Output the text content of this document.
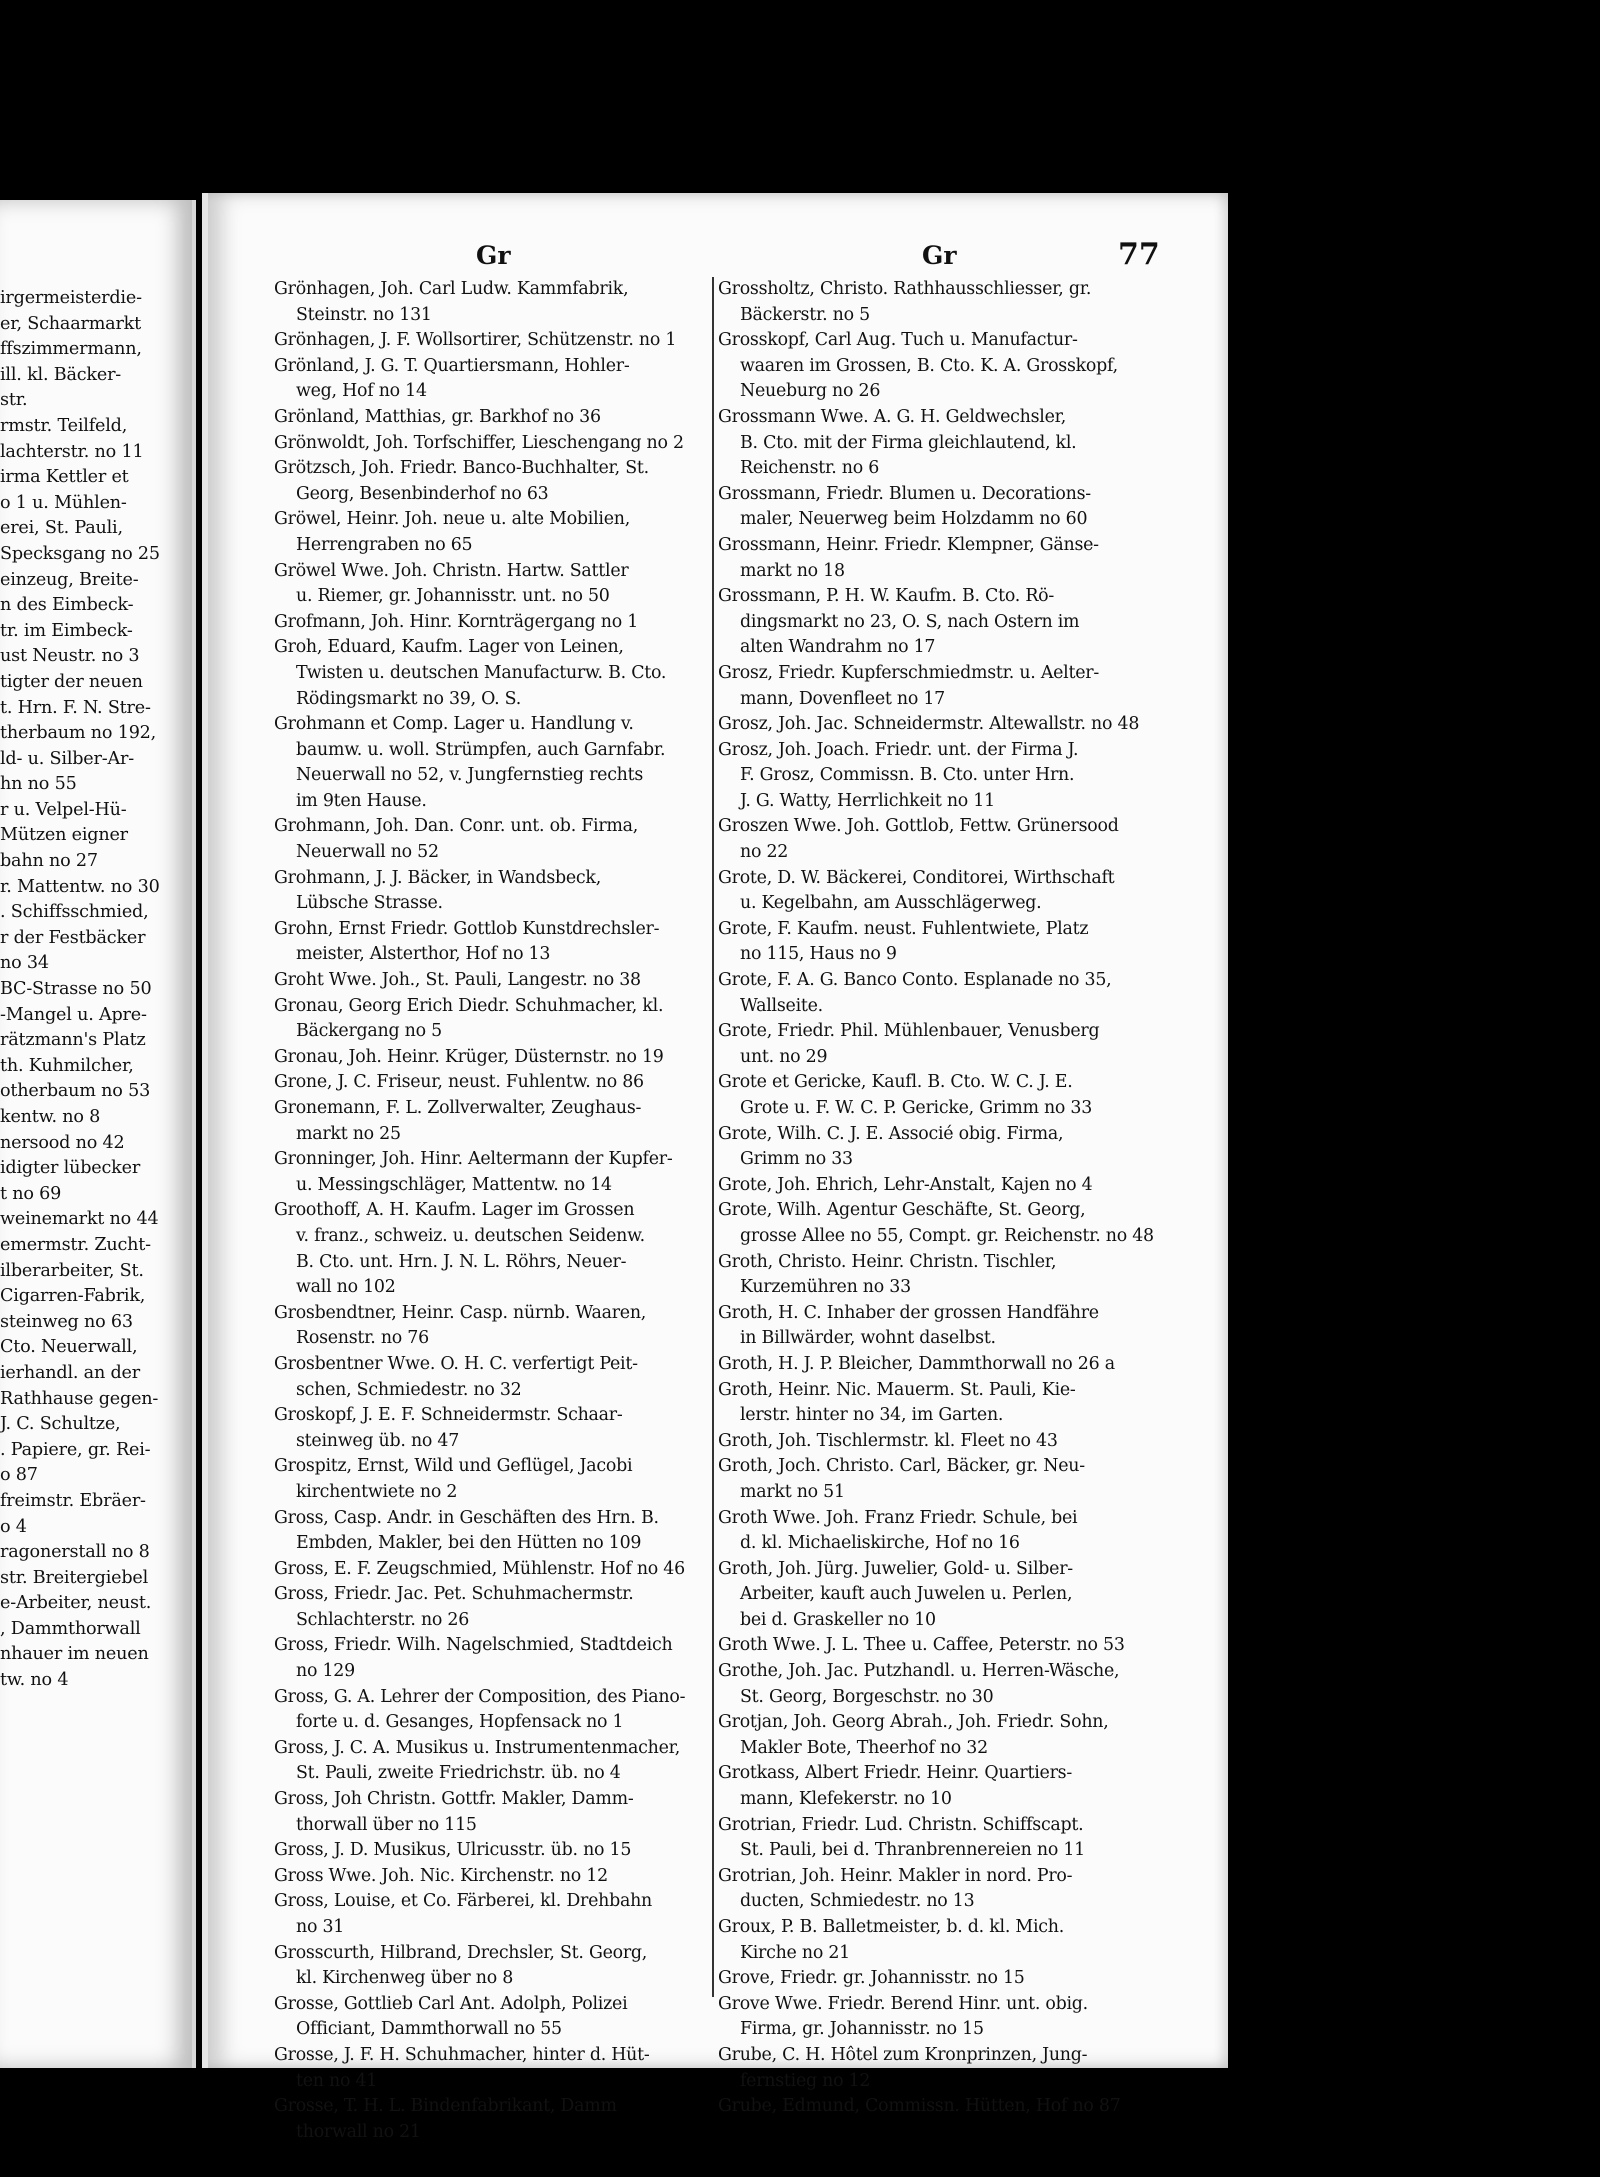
irgermeisterdie-
er, Schaarmarkt
ffszimmermann,
ill. kl. Bäcker-
str.
rmstr. Teilfeld,
lachterstr. no 11
irma Kettler et
o 1 u. Mühlen-
erei, St. Pauli,
Specksgang no 25
einzeug, Breite-
n des Eimbeck-
tr. im Eimbeck-
ust Neustr. no 3
tigter der neuen
t. Hrn. F. N. Stre-
therbaum no 192,
ld- u. Silber-Ar-
hn no 55
r u. Velpel-Hü-
Mützen eigner
bahn no 27
r. Mattentw. no 30
. Schiffsschmied,
r der Festbäcker
no 34
BC-Strasse no 50
-Mangel u. Apre-
rätzmann's Platz
th. Kuhmilcher,
otherbaum no 53
kentw. no 8
nersood no 42
idigter lübecker
t no 69
weinemarkt no 44
emermstr. Zucht-
ilberarbeiter, St.
Cigarren-Fabrik,
steinweg no 63
Cto. Neuerwall,
ierhandl. an der
Rathhause gegen-
J. C. Schultze,
. Papiere, gr. Rei-
o 87
freimstr. Ebräer-
o 4
ragonerstall no 8
str. Breitergiebel
e-Arbeiter, neust.
, Dammthorwall
nhauer im neuen
tw. no 4
Gr	Gr	77
Grönhagen, Joh. Carl Ludw. Kammfabrik,
Steinstr. no 131
Grönhagen, J. F. Wollsortirer, Schützenstr. no 1
Grönland, J. G. T. Quartiersmann, Hohler-
weg, Hof no 14
Grönland, Matthias, gr. Barkhof no 36
Grönwoldt, Joh. Torfschiffer, Lieschengang no 2
Grötzsch, Joh. Friedr. Banco-Buchhalter, St.
Georg, Besenbinderhof no 63
Gröwel, Heinr. Joh. neue u. alte Mobilien,
Herrengraben no 65
Gröwel Wwe. Joh. Christn. Hartw. Sattler
u. Riemer, gr. Johannisstr. unt. no 50
Grofmann, Joh. Hinr. Kornträgergang no 1
Groh, Eduard, Kaufm. Lager von Leinen,
Twisten u. deutschen Manufacturw. B. Cto.
Rödingsmarkt no 39, O. S.
Grohmann et Comp. Lager u. Handlung v.
baumw. u. woll. Strümpfen, auch Garnfabr.
Neuerwall no 52, v. Jungfernstieg rechts
im 9ten Hause.
Grohmann, Joh. Dan. Conr. unt. ob. Firma,
Neuerwall no 52
Grohmann, J. J. Bäcker, in Wandsbeck,
Lübsche Strasse.
Grohn, Ernst Friedr. Gottlob Kunstdrechsler-
meister, Alsterthor, Hof no 13
Groht Wwe. Joh., St. Pauli, Langestr. no 38
Gronau, Georg Erich Diedr. Schuhmacher, kl.
Bäckergang no 5
Gronau, Joh. Heinr. Krüger, Düsternstr. no 19
Grone, J. C. Friseur, neust. Fuhlentw. no 86
Gronemann, F. L. Zollverwalter, Zeughaus-
markt no 25
Gronninger, Joh. Hinr. Aeltermann der Kupfer-
u. Messingschläger, Mattentw. no 14
Groothoff, A. H. Kaufm. Lager im Grossen
v. franz., schweiz. u. deutschen Seidenw.
B. Cto. unt. Hrn. J. N. L. Röhrs, Neuer-
wall no 102
Grosbendtner, Heinr. Casp. nürnb. Waaren,
Rosenstr. no 76
Grosbentner Wwe. O. H. C. verfertigt Peit-
schen, Schmiedestr. no 32
Groskopf, J. E. F. Schneidermstr. Schaar-
steinweg üb. no 47
Grospitz, Ernst, Wild und Geflügel, Jacobi
kirchentwiete no 2
Gross, Casp. Andr. in Geschäften des Hrn. B.
Embden, Makler, bei den Hütten no 109
Gross, E. F. Zeugschmied, Mühlenstr. Hof no 46
Gross, Friedr. Jac. Pet. Schuhmachermstr.
Schlachterstr. no 26
Gross, Friedr. Wilh. Nagelschmied, Stadtdeich
no 129
Gross, G. A. Lehrer der Composition, des Piano-
forte u. d. Gesanges, Hopfensack no 1
Gross, J. C. A. Musikus u. Instrumentenmacher,
St. Pauli, zweite Friedrichstr. üb. no 4
Gross, Joh Christn. Gottfr. Makler, Damm-
thorwall über no 115
Gross, J. D. Musikus, Ulricusstr. üb. no 15
Gross Wwe. Joh. Nic. Kirchenstr. no 12
Gross, Louise, et Co. Färberei, kl. Drehbahn
no 31
Grosscurth, Hilbrand, Drechsler, St. Georg,
kl. Kirchenweg über no 8
Grosse, Gottlieb Carl Ant. Adolph, Polizei
Officiant, Dammthorwall no 55
Grosse, J. F. H. Schuhmacher, hinter d. Hüt-
ten no 41
Grosse, T. H. L. Bindenfabrikant, Damm
thorwall no 21
Grossholtz, Christo. Rathhausschliesser, gr.
Bäckerstr. no 5
Grosskopf, Carl Aug. Tuch u. Manufactur-
waaren im Grossen, B. Cto. K. A. Grosskopf,
Neueburg no 26
Grossmann Wwe. A. G. H. Geldwechsler,
B. Cto. mit der Firma gleichlautend, kl.
Reichenstr. no 6
Grossmann, Friedr. Blumen u. Decorations-
maler, Neuerweg beim Holzdamm no 60
Grossmann, Heinr. Friedr. Klempner, Gänse-
markt no 18
Grossmann, P. H. W. Kaufm. B. Cto. Rö-
dingsmarkt no 23, O. S, nach Ostern im
alten Wandrahm no 17
Grosz, Friedr. Kupferschmiedmstr. u. Aelter-
mann, Dovenfleet no 17
Grosz, Joh. Jac. Schneidermstr. Altewallstr. no 48
Grosz, Joh. Joach. Friedr. unt. der Firma J.
F. Grosz, Commissn. B. Cto. unter Hrn.
J. G. Watty, Herrlichkeit no 11
Groszen Wwe. Joh. Gottlob, Fettw. Grünersood
no 22
Grote, D. W. Bäckerei, Conditorei, Wirthschaft
u. Kegelbahn, am Ausschlägerweg.
Grote, F. Kaufm. neust. Fuhlentwiete, Platz
no 115, Haus no 9
Grote, F. A. G. Banco Conto. Esplanade no 35,
Wallseite.
Grote, Friedr. Phil. Mühlenbauer, Venusberg
unt. no 29
Grote et Gericke, Kaufl. B. Cto. W. C. J. E.
Grote u. F. W. C. P. Gericke, Grimm no 33
Grote, Wilh. C. J. E. Associé obig. Firma,
Grimm no 33
Grote, Joh. Ehrich, Lehr-Anstalt, Kajen no 4
Grote, Wilh. Agentur Geschäfte, St. Georg,
grosse Allee no 55, Compt. gr. Reichenstr. no 48
Groth, Christo. Heinr. Christn. Tischler,
Kurzemühren no 33
Groth, H. C. Inhaber der grossen Handfähre
in Billwärder, wohnt daselbst.
Groth, H. J. P. Bleicher, Dammthorwall no 26 a
Groth, Heinr. Nic. Mauerm. St. Pauli, Kie-
lerstr. hinter no 34, im Garten.
Groth, Joh. Tischlermstr. kl. Fleet no 43
Groth, Joch. Christo. Carl, Bäcker, gr. Neu-
markt no 51
Groth Wwe. Joh. Franz Friedr. Schule, bei
d. kl. Michaeliskirche, Hof no 16
Groth, Joh. Jürg. Juwelier, Gold- u. Silber-
Arbeiter, kauft auch Juwelen u. Perlen,
bei d. Graskeller no 10
Groth Wwe. J. L. Thee u. Caffee, Peterstr. no 53
Grothe, Joh. Jac. Putzhandl. u. Herren-Wäsche,
St. Georg, Borgeschstr. no 30
Grotjan, Joh. Georg Abrah., Joh. Friedr. Sohn,
Makler Bote, Theerhof no 32
Grotkass, Albert Friedr. Heinr. Quartiers-
mann, Klefekerstr. no 10
Grotrian, Friedr. Lud. Christn. Schiffscapt.
St. Pauli, bei d. Thranbrennereien no 11
Grotrian, Joh. Heinr. Makler in nord. Pro-
ducten, Schmiedestr. no 13
Groux, P. B. Balletmeister, b. d. kl. Mich.
Kirche no 21
Grove, Friedr. gr. Johannisstr. no 15
Grove Wwe. Friedr. Berend Hinr. unt. obig.
Firma, gr. Johannisstr. no 15
Grube, C. H. Hôtel zum Kronprinzen, Jung-
fernstieg no 12
Grube, Edmund, Commissn. Hütten, Hof no 87
